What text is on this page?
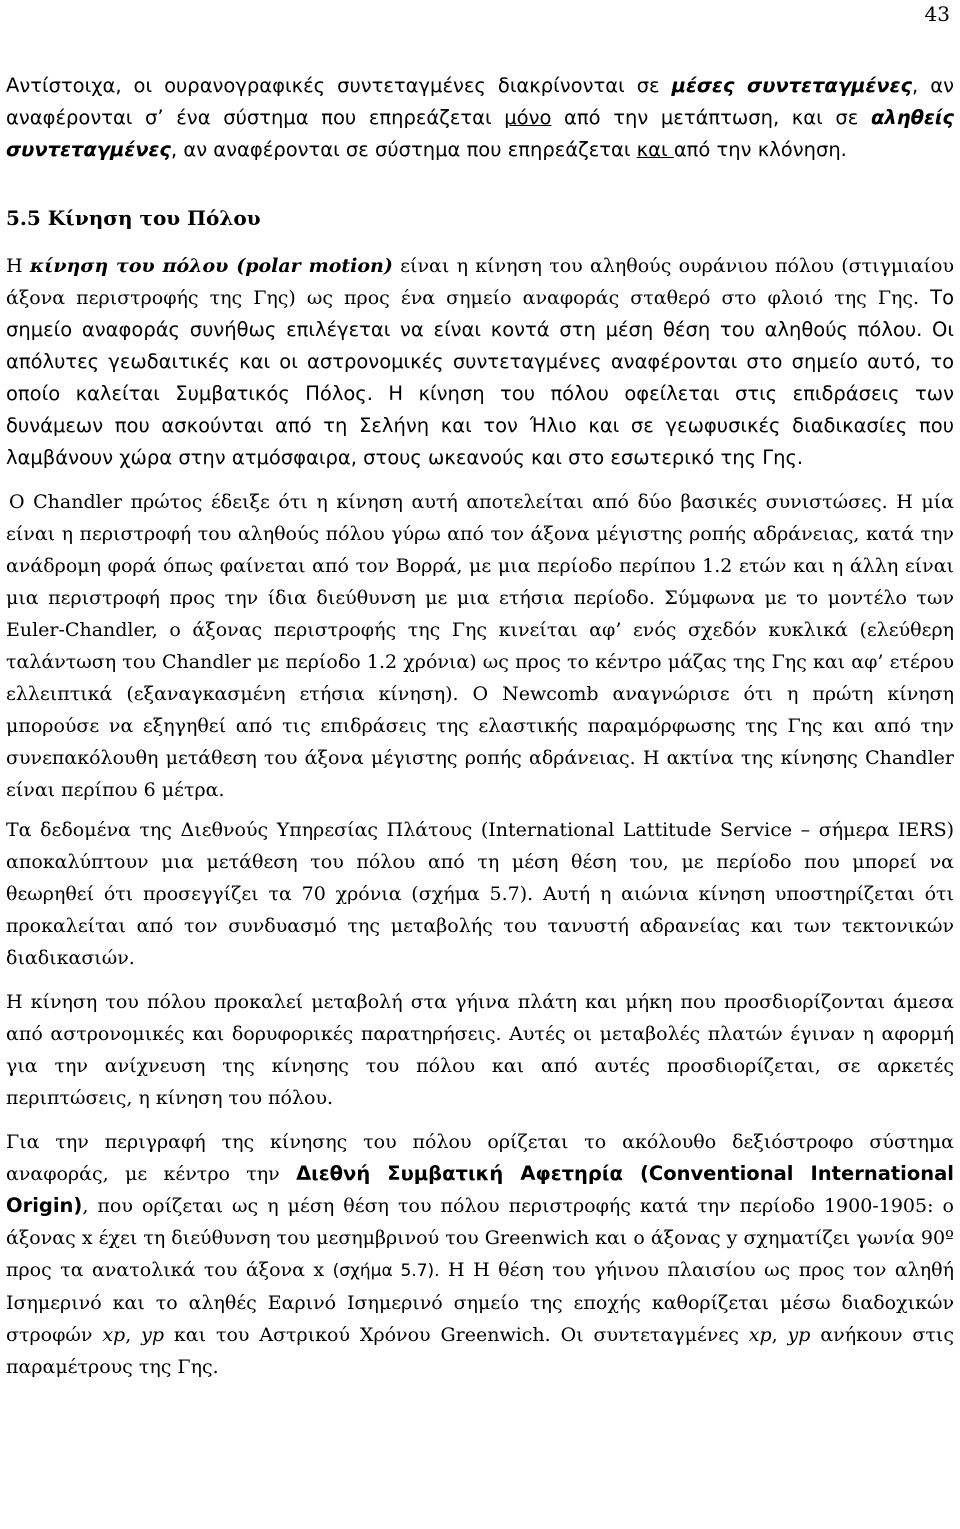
43

Αντίστοιχα, οι ουρανογραφικές συντεταγμένες διακρίνονται σε μέσες συντεταγμένες, αν αναφέρονται σ’ ένα σύστημα που επηρεάζεται μόνο από την μετάπτωση, και σε αληθείς συντεταγμένες, αν αναφέρονται σε σύστημα που επηρεάζεται και από την κλόνηση.

5.5 Κίνηση του Πόλου

Η κίνηση του πόλου (polar motion) είναι η κίνηση του αληθούς ουράνιου πόλου (στιγμιαίου άξονα περιστροφής της Γης) ως προς ένα σημείο αναφοράς σταθερό στο φλοιό της Γης. Το σημείο αναφοράς συνήθως επιλέγεται να είναι κοντά στη μέση θέση του αληθούς πόλου. Οι απόλυτες γεωδαιτικές και οι αστρονομικές συντεταγμένες αναφέρονται στο σημείο αυτό, το οποίο καλείται Συμβατικός Πόλος. Η κίνηση του πόλου οφείλεται στις επιδράσεις των δυνάμεων που ασκούνται από τη Σελήνη και τον Ήλιο και σε γεωφυσικές διαδικασίες που λαμβάνουν χώρα στην ατμόσφαιρα, στους ωκεανούς και στο εσωτερικό της Γης.

Ο Chandler πρώτος έδειξε ότι η κίνηση αυτή αποτελείται από δύο βασικές συνιστώσες. Η μία είναι η περιστροφή του αληθούς πόλου γύρω από τον άξονα μέγιστης ροπής αδράνειας, κατά την ανάδρομη φορά όπως φαίνεται από τον Βορρά, με μια περίοδο περίπου 1.2 ετών και η άλλη είναι μια περιστροφή προς την ίδια διεύθυνση με μια ετήσια περίοδο. Σύμφωνα με το μοντέλο των Euler-Chandler, ο άξονας περιστροφής της Γης κινείται αφ’ ενός σχεδόν κυκλικά (ελεύθερη ταλάντωση του Chandler με περίοδο 1.2 χρόνια) ως προς το κέντρο μάζας της Γης και αφ’ ετέρου ελλειπτικά (εξαναγκασμένη ετήσια κίνηση). Ο Newcomb αναγνώρισε ότι η πρώτη κίνηση μπορούσε να εξηγηθεί από τις επιδράσεις της ελαστικής παραμόρφωσης της Γης και από την συνεπακόλουθη μετάθεση του άξονα μέγιστης ροπής αδράνειας. Η ακτίνα της κίνησης Chandler είναι περίπου 6 μέτρα.

Τα δεδομένα της Διεθνούς Υπηρεσίας Πλάτους (International Lattitude Service – σήμερα IERS) αποκαλύπτουν μια μετάθεση του πόλου από τη μέση θέση του, με περίοδο που μπορεί να θεωρηθεί ότι προσεγγίζει τα 70 χρόνια (σχήμα 5.7). Αυτή η αιώνια κίνηση υποστηρίζεται ότι προκαλείται από τον συνδυασμό της μεταβολής του τανυστή αδρανείας και των τεκτονικών διαδικασιών.

Η κίνηση του πόλου προκαλεί μεταβολή στα γήινα πλάτη και μήκη που προσδιορίζονται άμεσα από αστρονομικές και δορυφορικές παρατηρήσεις. Αυτές οι μεταβολές πλατών έγιναν η αφορμή για την ανίχνευση της κίνησης του πόλου και από αυτές προσδιορίζεται, σε αρκετές περιπτώσεις, η κίνηση του πόλου.

Για την περιγραφή της κίνησης του πόλου ορίζεται το ακόλουθο δεξιόστροφο σύστημα αναφοράς, με κέντρο την Διεθνή Συμβατική Αφετηρία (Conventional International Origin), που ορίζεται ως η μέση θέση του πόλου περιστροφής κατά την περίοδο 1900-1905: ο άξονας x έχει τη διεύθυνση του μεσημβρινού του Greenwich και ο άξονας y σχηματίζει γωνία 90º προς τα ανατολικά του άξονα x (σχήμα 5.7). Η Η θέση του γήινου πλαισίου ως προς τον αληθή Ισημερινό και το αληθές Εαρινό Ισημερινό σημείο της εποχής καθορίζεται μέσω διαδοχικών στροφών xp, yp και του Αστρικού Χρόνου Greenwich. Οι συντεταγμένες xp, yp ανήκουν στις παραμέτρους της Γης.
